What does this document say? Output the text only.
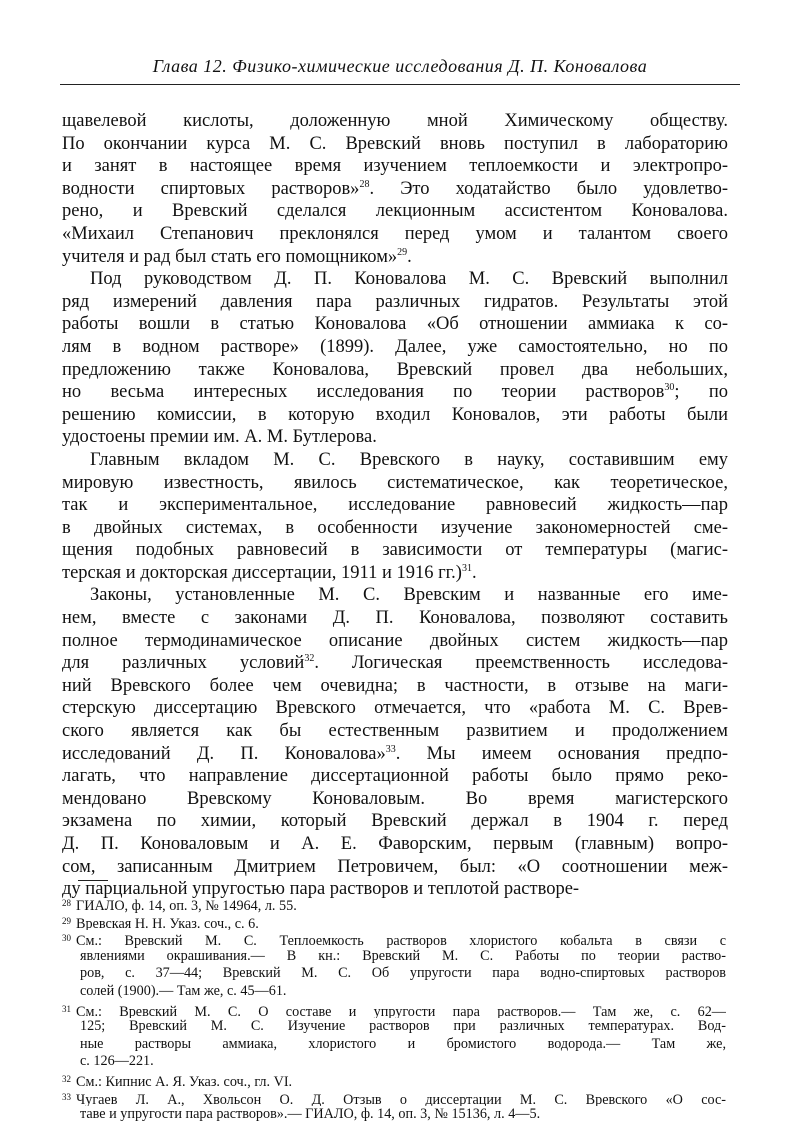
Глава 12. Физико-химические исследования Д. П. Коновалова
щавелевой кислоты, доложенную мной Химическому обществу.
По окончании курса М. С. Вревский вновь поступил в лабораторию
и занят в настоящее время изучением теплоемкости и электропро-
водности спиртовых растворов»$^{28}$. Это ходатайство было удовлетво-
рено, и Вревский сделался лекционным ассистентом Коновалова.
«Михаил Степанович преклонялся перед умом и талантом своего
учителя и рад был стать его помощником»$^{29}$.
Под руководством Д. П. Коновалова М. С. Вревский выполнил
ряд измерений давления пара различных гидратов. Результаты этой
работы вошли в статью Коновалова «Об отношении аммиака к со-
лям в водном растворе» (1899). Далее, уже самостоятельно, но по
предложению также Коновалова, Вревский провел два небольших,
но весьма интересных исследования по теории растворов$^{30}$; по
решению комиссии, в которую входил Коновалов, эти работы были
удостоены премии им. А. М. Бутлерова.
Главным вкладом М. С. Вревского в науку, составившим ему
мировую известность, явилось систематическое, как теоретическое,
так и экспериментальное, исследование равновесий жидкость—пар
в двойных системах, в особенности изучение закономерностей сме-
щения подобных равновесий в зависимости от температуры (магис-
терская и докторская диссертации, 1911 и 1916 гг.)$^{31}$.
Законы, установленные М. С. Вревским и названные его име-
нем, вместе с законами Д. П. Коновалова, позволяют составить
полное термодинамическое описание двойных систем жидкость—пар
для различных условий$^{32}$. Логическая преемственность исследова-
ний Вревского более чем очевидна; в частности, в отзыве на маги-
стерскую диссертацию Вревского отмечается, что «работа М. С. Врев-
ского является как бы естественным развитием и продолжением
исследований Д. П. Коновалова»$^{33}$. Мы имеем основания предпо-
лагать, что направление диссертационной работы было прямо реко-
мендовано Вревскому Коноваловым. Во время магистерского
экзамена по химии, который Вревский держал в 1904 г. перед
Д. П. Коноваловым и А. Е. Фаворским, первым (главным) вопро-
сом, записанным Дмитрием Петровичем, был: «О соотношении меж-
ду парциальной упругостью пара растворов и теплотой растворе-
28 ГИАЛО, ф. 14, оп. 3, № 14964, л. 55.
29 Вревская Н. Н. Указ. соч., с. 6.
30 См.: Вревский М. С. Теплоемкость растворов хлористого кобальта в связи с
явлениями окрашивания.— В кн.: Вревский М. С. Работы по теории раство-
ров, с. 37—44; Вревский М. С. Об упругости пара водно-спиртовых растворов
солей (1900).— Там же, с. 45—61.
31 См.: Вревский М. С. О составе и упругости пара растворов.— Там же, с. 62—
125; Вревский М. С. Изучение растворов при различных температурах. Вод-
ные растворы аммиака, хлористого и бромистого водорода.— Там же,
с. 126—221.
32 См.: Кипнис А. Я. Указ. соч., гл. VI.
33 Чугаев Л. А., Хвольсон О. Д. Отзыв о диссертации М. С. Вревского «О сос-
таве и упругости пара растворов».— ГИАЛО, ф. 14, оп. 3, № 15136, л. 4—5.
